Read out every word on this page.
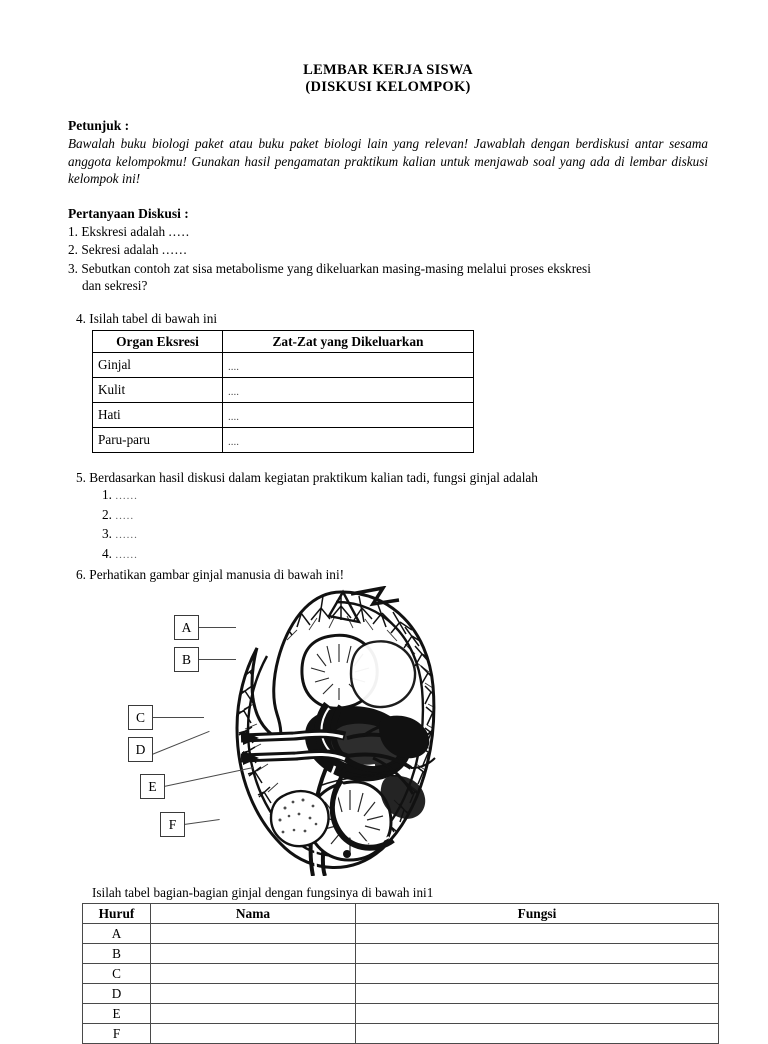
LEMBAR KERJA SISWA
(DISKUSI KELOMPOK)
Petunjuk :
Bawalah buku biologi paket atau buku paket biologi lain yang relevan! Jawablah dengan berdiskusi antar sesama anggota kelompokmu! Gunakan hasil pengamatan praktikum kalian untuk menjawab soal yang ada di lembar diskusi kelompok ini!
Pertanyaan Diskusi :
1. Ekskresi adalah .....
2. Sekresi adalah ......
3. Sebutkan contoh zat sisa metabolisme yang dikeluarkan masing-masing melalui proses ekskresi
dan sekresi?
4. Isilah tabel di bawah ini
Organ Eksresi	Zat-Zat yang Dikeluarkan
Ginjal	....
Kulit	....
Hati	....
Paru-paru	....
5. Berdasarkan hasil diskusi dalam kegiatan praktikum kalian tadi, fungsi ginjal adalah
1. ......
2. .....
3. ......
4. ......
6. Perhatikan gambar ginjal manusia di bawah ini!
A
B
C
D
E
F
Isilah tabel bagian-bagian ginjal dengan fungsinya di bawah ini1
Huruf	Nama	Fungsi
A		
B		
C		
D		
E		
F		
